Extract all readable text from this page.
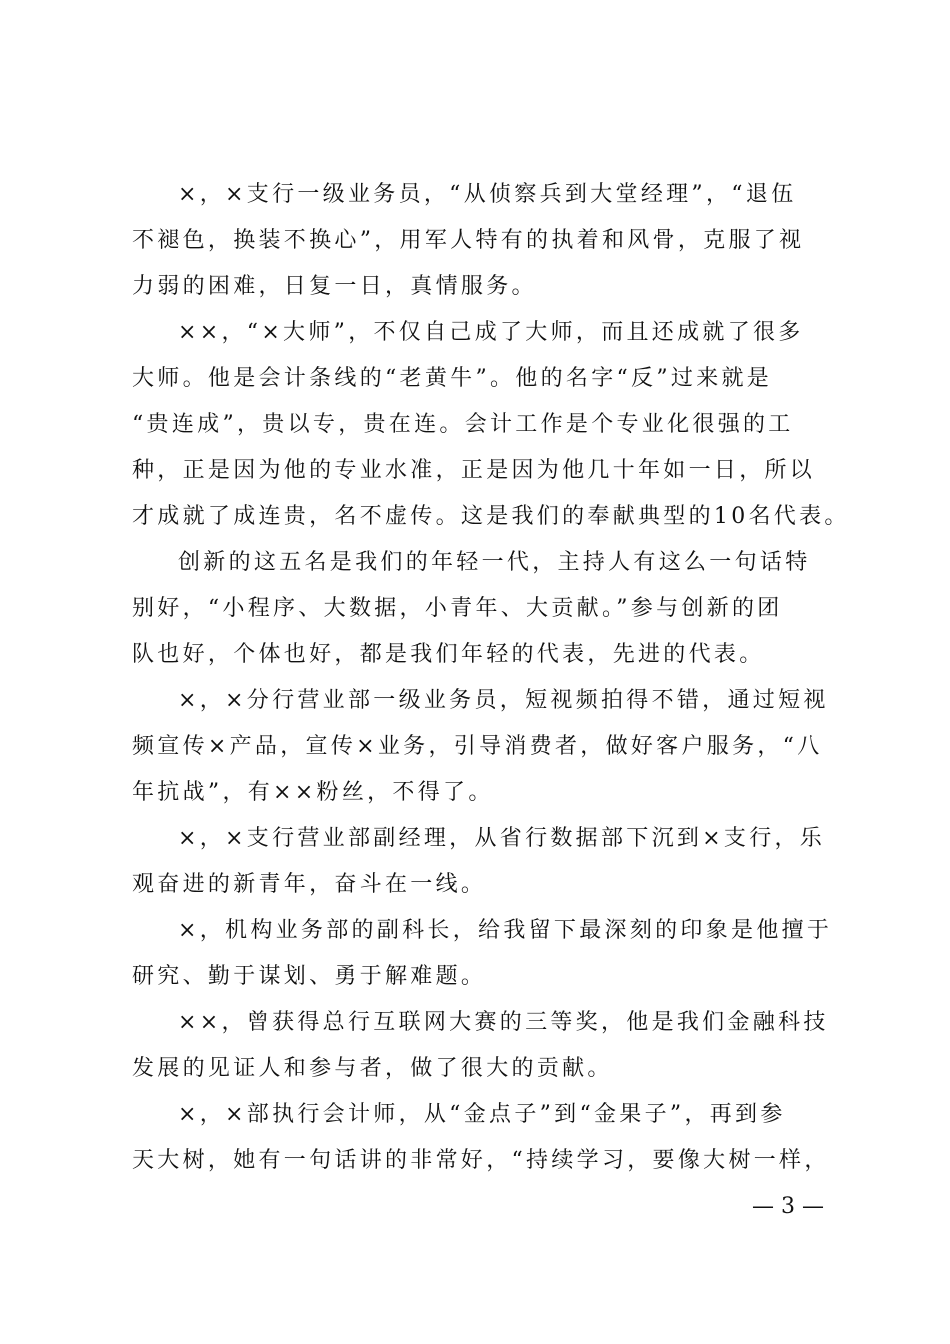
×，×支行一级业务员，“从侦察兵到大堂经理”，“退伍
不褪色，换装不换心”，用军人特有的执着和风骨，克服了视
力弱的困难，日复一日，真情服务。
××，“×大师”，不仅自己成了大师，而且还成就了很多
大师。他是会计条线的“老黄牛”。他的名字“反”过来就是
“贵连成”，贵以专，贵在连。会计工作是个专业化很强的工
种，正是因为他的专业水准，正是因为他几十年如一日，所以
才成就了成连贵，名不虚传。这是我们的奉献典型的10名代表。
创新的这五名是我们的年轻一代，主持人有这么一句话特
别好，“小程序、大数据，小青年、大贡献。”参与创新的团
队也好，个体也好，都是我们年轻的代表，先进的代表。
×，×分行营业部一级业务员，短视频拍得不错，通过短视
频宣传×产品，宣传×业务，引导消费者，做好客户服务，“八
年抗战”，有××粉丝，不得了。
×，×支行营业部副经理，从省行数据部下沉到×支行，乐
观奋进的新青年，奋斗在一线。
×，机构业务部的副科长，给我留下最深刻的印象是他擅于
研究、勤于谋划、勇于解难题。
××，曾获得总行互联网大赛的三等奖，他是我们金融科技
发展的见证人和参与者，做了很大的贡献。
×，×部执行会计师，从“金点子”到“金果子”，再到参
天大树，她有一句话讲的非常好，“持续学习，要像大树一样，
— 3 —
